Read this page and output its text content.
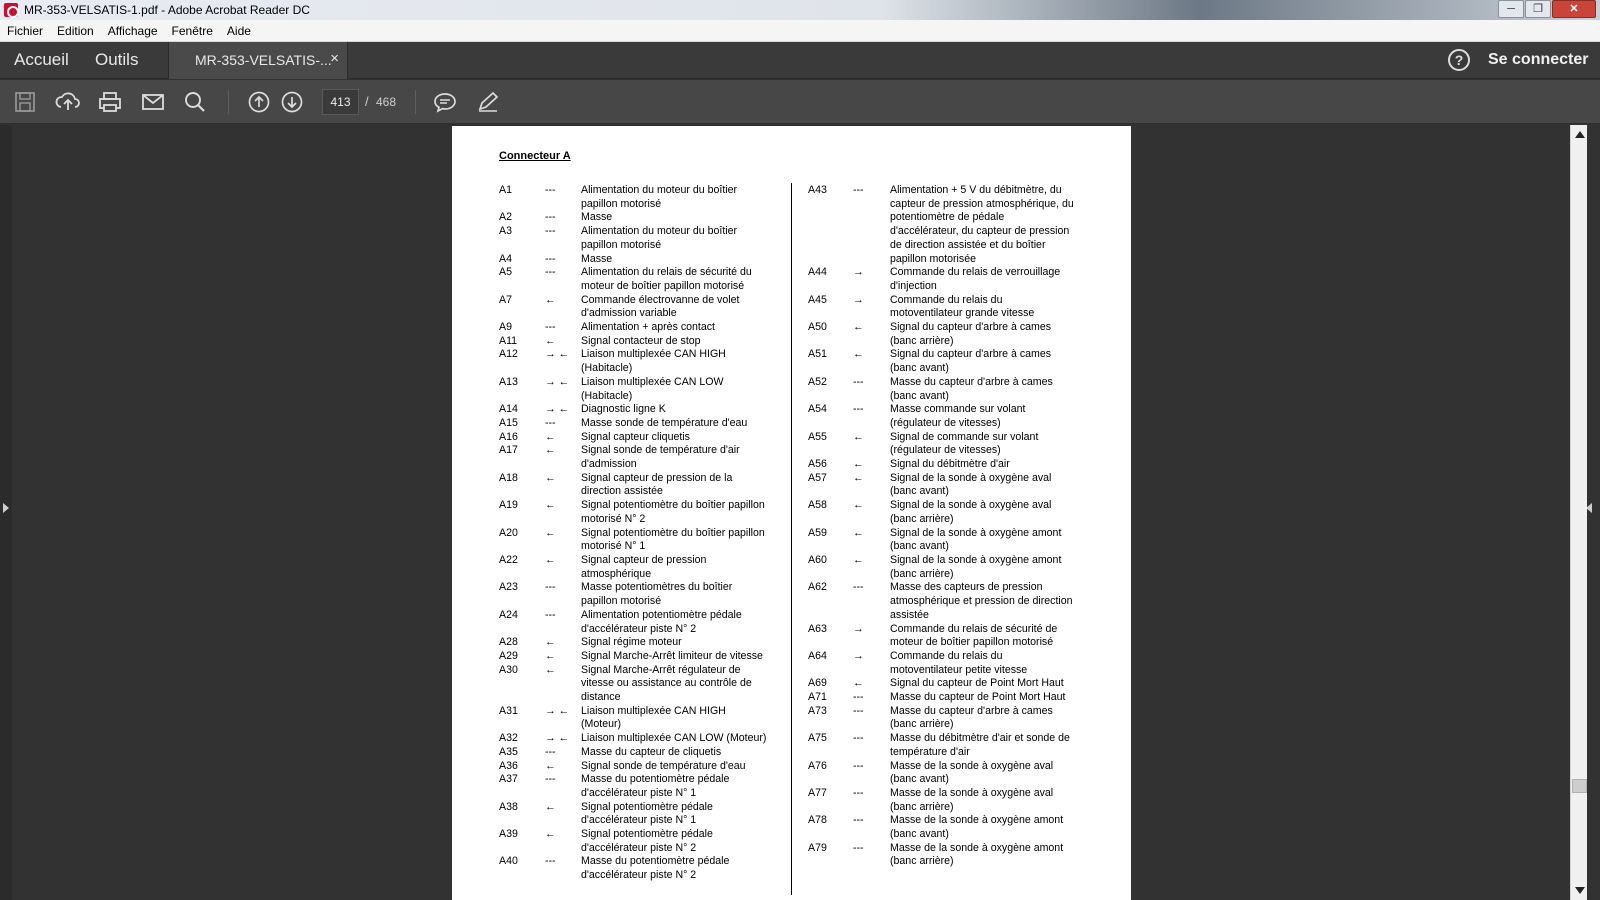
MR-353-VELSATIS-1.pdf - Adobe Acrobat Reader DC	─	❐	✕
Fichier	Edition	Affichage	Fenêtre	Aide
Accueil Outils	MR-353-VELSATIS-...
×	?	Se connecter
413	/ 468
Connecteur A
A1	---	Alimentation du moteur du boîtier
papillon motorisé
A2	---	Masse
A3	---	Alimentation du moteur du boîtier
papillon motorisé
A4	---	Masse
A5	---	Alimentation du relais de sécurité du
moteur de boîtier papillon motorisé
A7	←	Commande électrovanne de volet
d'admission variable
A9	---	Alimentation + après contact
A11	←	Signal contacteur de stop
A12	→ ←	Liaison multiplexée CAN HIGH
(Habitacle)
A13	→ ←	Liaison multiplexée CAN LOW
(Habitacle)
A14	→ ←	Diagnostic ligne K
A15	---	Masse sonde de température d'eau
A16	←	Signal capteur cliquetis
A17	←	Signal sonde de température d'air
d'admission
A18	←	Signal capteur de pression de la
direction assistée
A19	←	Signal potentiomètre du boîtier papillon
motorisé N° 2
A20	←	Signal potentiomètre du boîtier papillon
motorisé N° 1
A22	←	Signal capteur de pression
atmosphérique
A23	---	Masse potentiomètres du boîtier
papillon motorisé
A24	---	Alimentation potentiomètre pédale
d'accélérateur piste N° 2
A28	←	Signal régime moteur
A29	←	Signal Marche-Arrêt limiteur de vitesse
A30	←	Signal Marche-Arrêt régulateur de
vitesse ou assistance au contrôle de
distance
A31	→ ←	Liaison multiplexée CAN HIGH
(Moteur)
A32	→ ←	Liaison multiplexée CAN LOW (Moteur)
A35	---	Masse du capteur de cliquetis
A36	←	Signal sonde de température d'eau
A37	---	Masse du potentiomètre pédale
d'accélérateur piste N° 1
A38	←	Signal potentiomètre pédale
d'accélérateur piste N° 1
A39	←	Signal potentiomètre pédale
d'accélérateur piste N° 2
A40	---	Masse du potentiomètre pédale
d'accélérateur piste N° 2
A43	---	Alimentation + 5 V du débitmètre, du
capteur de pression atmosphérique, du
potentiomètre de pédale
d'accélérateur, du capteur de pression
de direction assistée et du boîtier
papillon motorisée
A44	→	Commande du relais de verrouillage
d'injection
A45	→	Commande du relais du
motoventilateur grande vitesse
A50	←	Signal du capteur d'arbre à cames
(banc arrière)
A51	←	Signal du capteur d'arbre à cames
(banc avant)
A52	---	Masse du capteur d'arbre à cames
(banc avant)
A54	---	Masse commande sur volant
(régulateur de vitesses)
A55	←	Signal de commande sur volant
(régulateur de vitesses)
A56	←	Signal du débitmètre d'air
A57	←	Signal de la sonde à oxygène aval
(banc avant)
A58	←	Signal de la sonde à oxygène aval
(banc arrière)
A59	←	Signal de la sonde à oxygène amont
(banc avant)
A60	←	Signal de la sonde à oxygène amont
(banc arrière)
A62	---	Masse des capteurs de pression
atmosphérique et pression de direction
assistée
A63	→	Commande du relais de sécurité de
moteur de boîtier papillon motorisé
A64	→	Commande du relais du
motoventilateur petite vitesse
A69	←	Signal du capteur de Point Mort Haut
A71	---	Masse du capteur de Point Mort Haut
A73	---	Masse du capteur d'arbre à cames
(banc arrière)
A75	---	Masse du débitmètre d'air et sonde de
température d'air
A76	---	Masse de la sonde à oxygène aval
(banc avant)
A77	---	Masse de la sonde à oxygène aval
(banc arrière)
A78	---	Masse de la sonde à oxygène amont
(banc avant)
A79	---	Masse de la sonde à oxygène amont
(banc arrière)
